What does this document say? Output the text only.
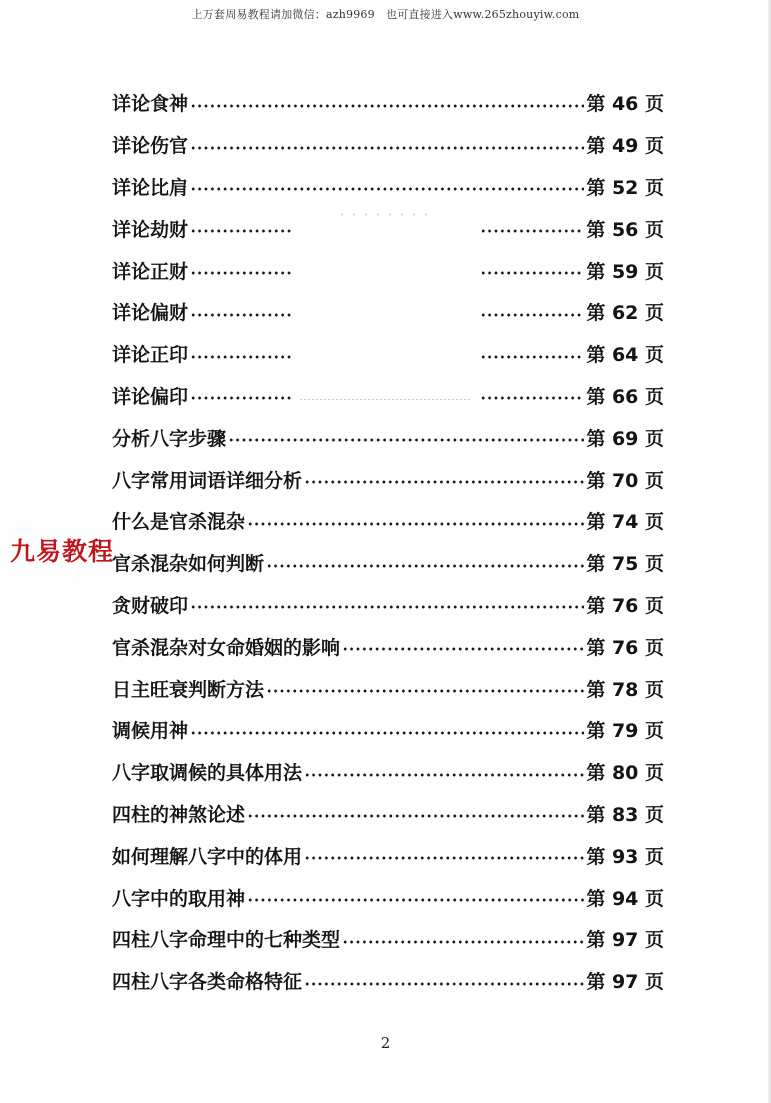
上万套周易教程请加微信：azh9969　也可直接进入www.265zhouyiw.com
详论食神	第 46 页
详论伤官	第 49 页
详论比肩	第 52 页
详论劫财	第 56 页
详论正财	第 59 页
详论偏财	第 62 页
详论正印	第 64 页
详论偏印	第 66 页
分析八字步骤	第 69 页
八字常用词语详细分析	第 70 页
什么是官杀混杂	第 74 页
官杀混杂如何判断	第 75 页
贪财破印	第 76 页
官杀混杂对女命婚姻的影响	第 76 页
日主旺衰判断方法	第 78 页
调候用神	第 79 页
八字取调候的具体用法	第 80 页
四柱的神煞论述	第 83 页
如何理解八字中的体用	第 93 页
八字中的取用神	第 94 页
四柱八字命理中的七种类型	第 97 页
四柱八字各类命格特征	第 97 页
九易教程
2
